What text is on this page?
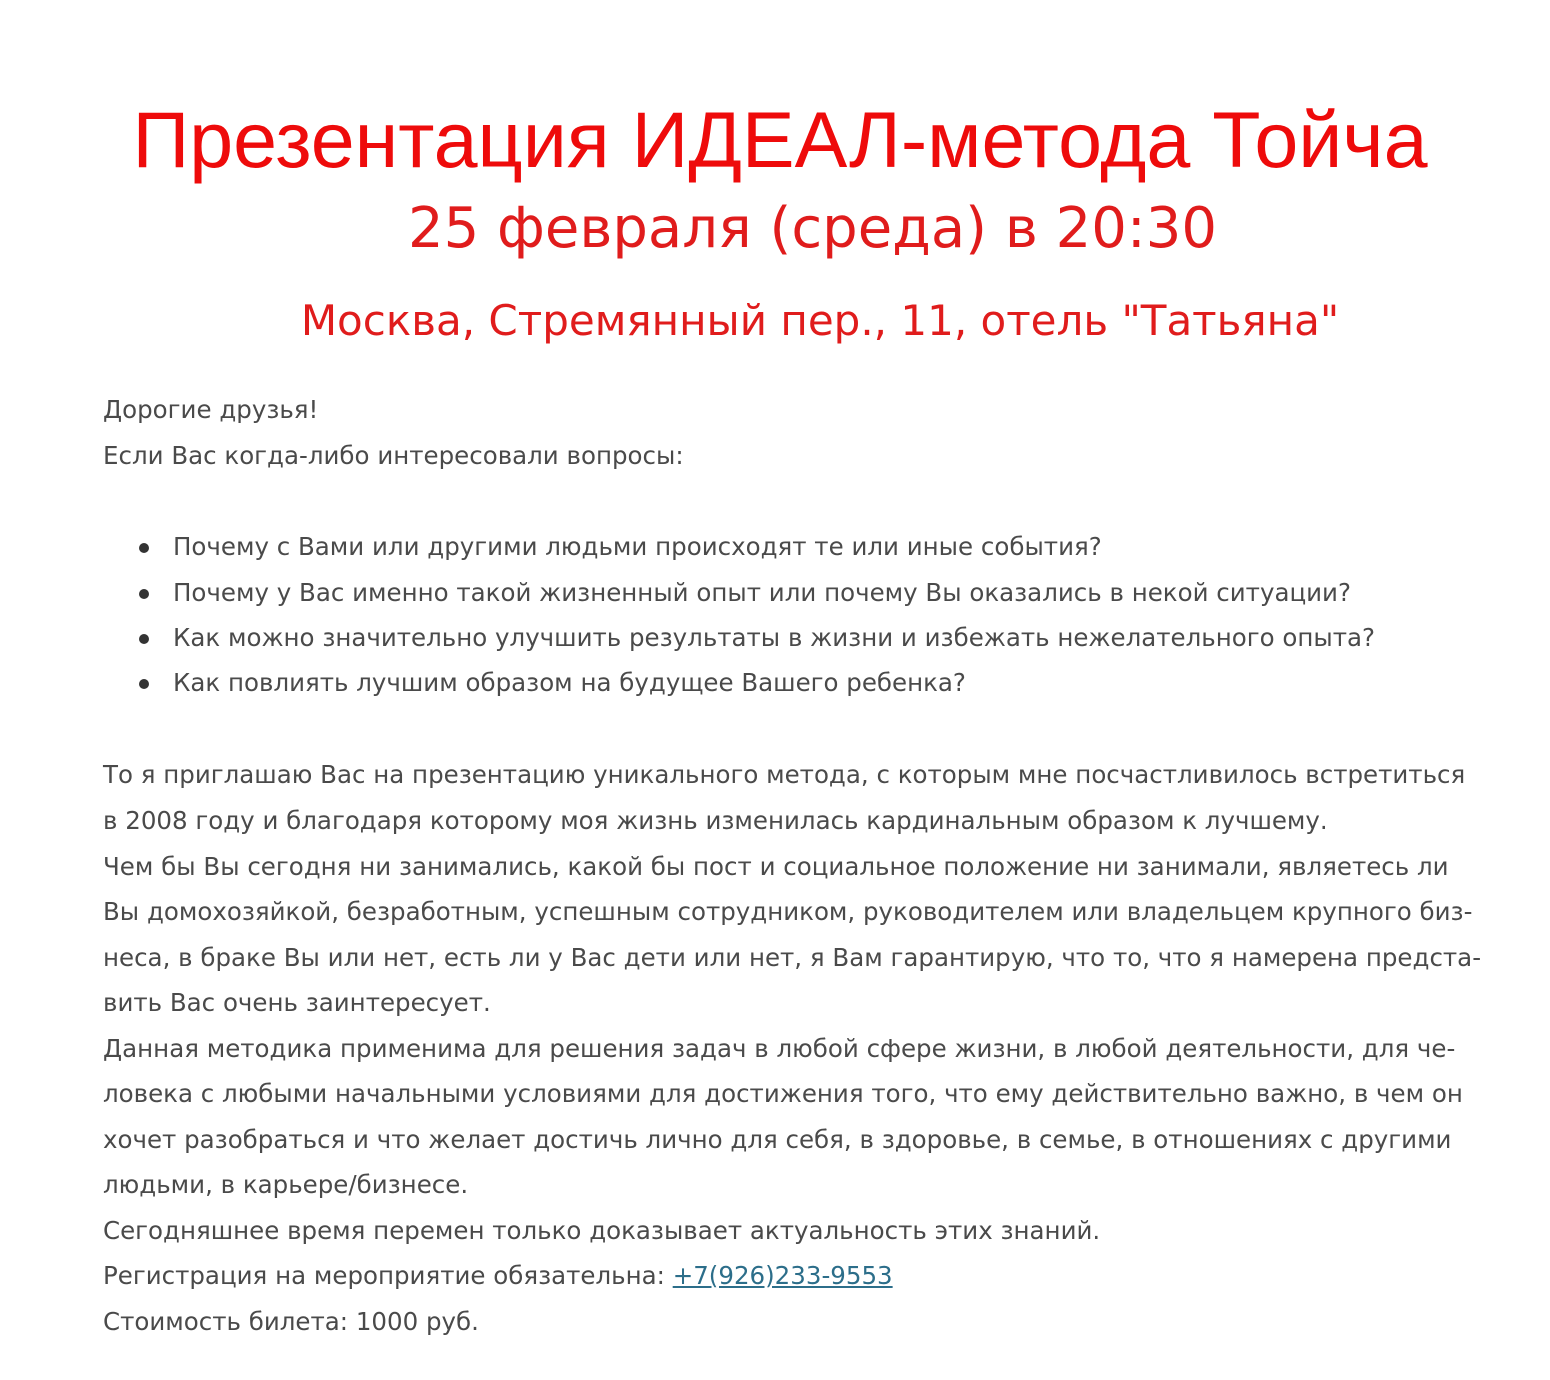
Презентация ИДЕАЛ-метода Тойча
25 февраля (среда) в 20:30
Москва, Стремянный пер., 11, отель "Татьяна"
Дорогие друзья!
Если Вас когда-либо интересовали вопросы:
Почему с Вами или другими людьми происходят те или иные события?
Почему у Вас именно такой жизненный опыт или почему Вы оказались в некой ситуации?
Как можно значительно улучшить результаты в жизни и избежать нежелательного опыта?
Как повлиять лучшим образом на будущее Вашего ребенка?
То я приглашаю Вас на презентацию уникального метода, с которым мне посчастливилось встретиться
в 2008 году и благодаря которому моя жизнь изменилась кардинальным образом к лучшему.
Чем бы Вы сегодня ни занимались, какой бы пост и социальное положение ни занимали, являетесь ли
Вы домохозяйкой, безработным, успешным сотрудником, руководителем или владельцем крупного биз-
неса, в браке Вы или нет, есть ли у Вас дети или нет, я Вам гарантирую, что то, что я намерена предста-
вить Вас очень заинтересует.
Данная методика применима для решения задач в любой сфере жизни, в любой деятельности, для че-
ловека с любыми начальными условиями для достижения того, что ему действительно важно, в чем он
хочет разобраться и что желает достичь лично для себя, в здоровье, в семье, в отношениях с другими
людьми, в карьере/бизнесе.
Сегодняшнее время перемен только доказывает актуальность этих знаний.
Регистрация на мероприятие обязательна: +7(926)233-9553
Стоимость билета: 1000 руб.
